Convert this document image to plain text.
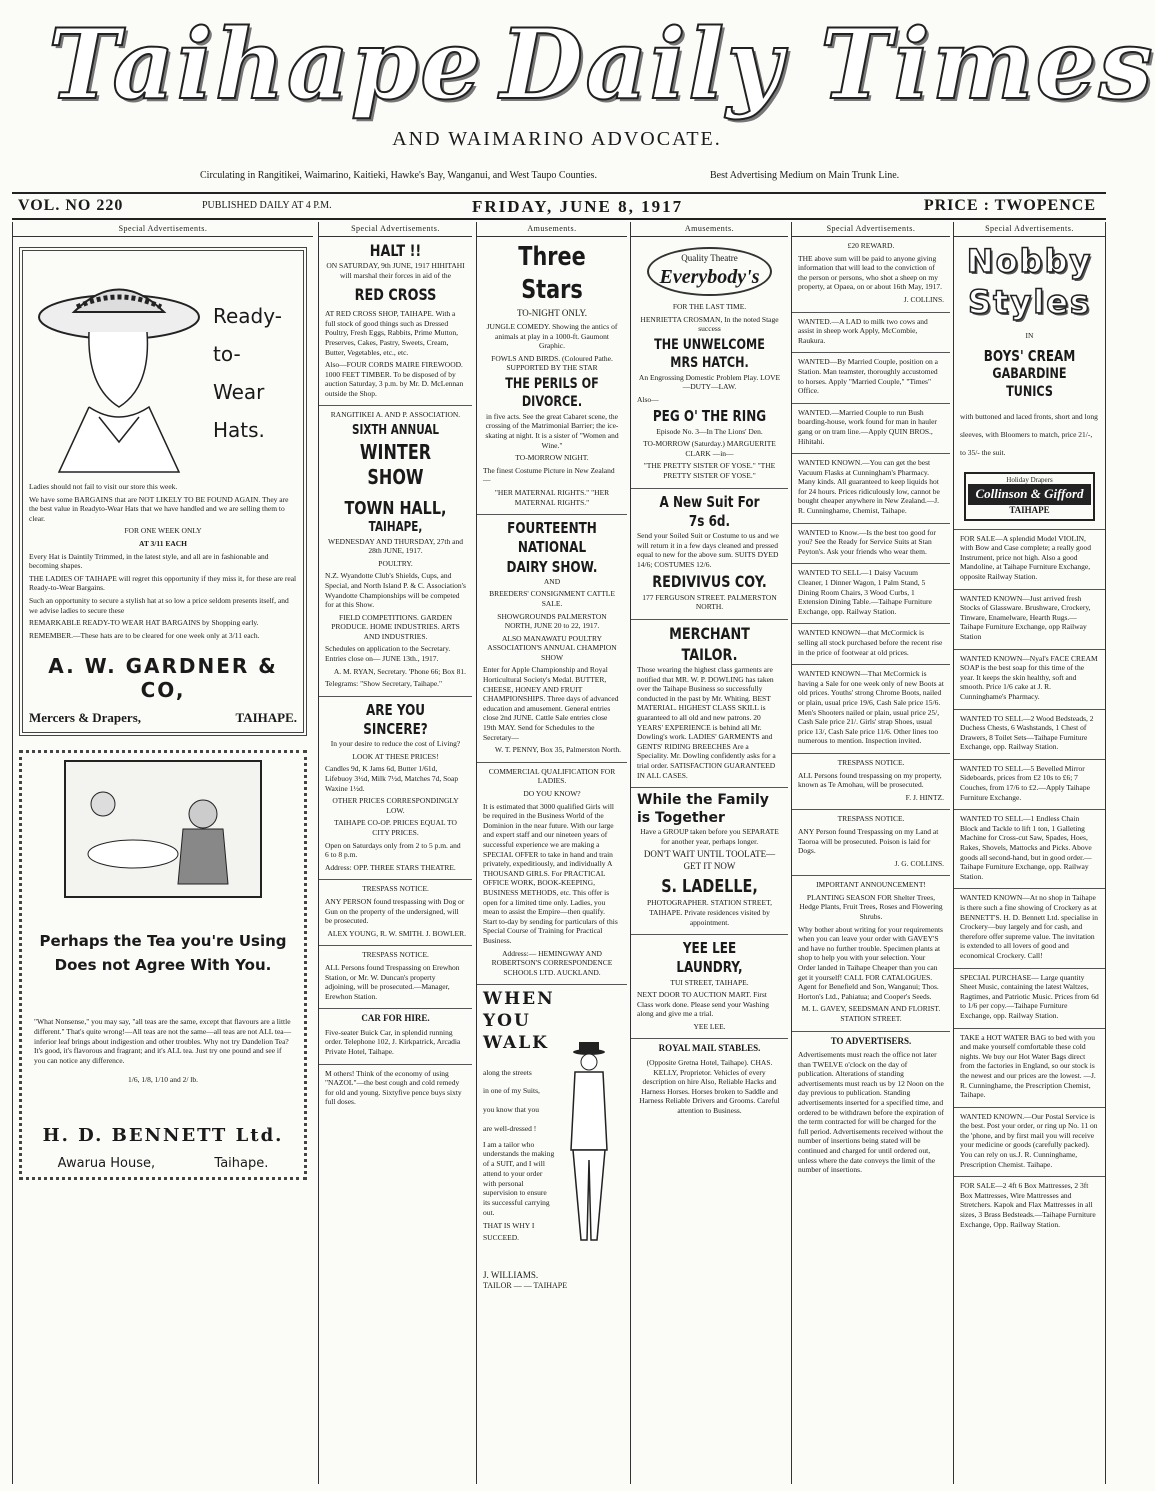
Taihape Daily Times
AND WAIMARINO ADVOCATE.
Circulating in Rangitikei, Waimarino, Kaitieki, Hawke's Bay, Wanganui, and West Taupo Counties.	Best Advertising Medium on Main Trunk Line.
VOL. NO 220	PUBLISHED DAILY AT 4 P.M.	FRIDAY, JUNE 8, 1917	PRICE : TWOPENCE
Special Advertisements.
Ready-
to-
Wear
Hats.

Ladies should not fail to visit our store this week.

We have some BARGAINS that are NOT LIKELY TO BE FOUND AGAIN. They are the best value in Readyto-Wear Hats that we have handled and we are selling them to clear.

FOR ONE WEEK ONLY

AT 3/11 EACH

Every Hat is Daintily Trimmed, in the latest style, and all are in fashionable and becoming shapes.

THE LADIES OF TAIHAPE will regret this opportunity if they miss it, for these are real Ready-to-Wear Bargains.

Such an opportunity to secure a stylish hat at so low a price seldom presents itself, and we advise ladies to secure these

REMARKABLE READY-TO WEAR HAT BARGAINS by Shopping early.

REMEMBER.—These hats are to be cleared for one week only at 3/11 each.

A. W. GARDNER & CO,
Mercers & Drapers,	TAIHAPE.
Perhaps the Tea you're Using Does not Agree With You.
"What Nonsense," you may say, "all teas are the same, except that flavours are a little different." That's quite wrong!—All teas are not the same—all teas are not ALL tea—inferior leaf brings about indigestion and other troubles. Why not try Dandelion Tea? It's good, it's flavorous and fragrant; and it's ALL tea. Just try one pound and see if you can notice any difference.
1/6, 1/8, 1/10 and 2/ lb.
H. D. BENNETT Ltd.
Awarua House,	Taihape.
Special Advertisements.
HALT !!

ON SATURDAY, 9th JUNE, 1917 HIHITAHI will marshal their forces in aid of the

RED CROSS

AT RED CROSS SHOP, TAIHAPE. With a full stock of good things such as Dressed Poultry, Fresh Eggs, Rabbits, Prime Mutton, Preserves, Cakes, Pastry, Sweets, Cream, Butter, Vegetables, etc., etc.

Also—FOUR CORDS MAIRE FIREWOOD. 1000 FEET TIMBER. To be disposed of by auction Saturday, 3 p.m. by Mr. D. McLennan outside the Shop.

RANGITIKEI A. AND P. ASSOCIATION.

SIXTH ANNUAL
WINTER SHOW
TOWN HALL,
TAIHAPE,

WEDNESDAY AND THURSDAY, 27th and 28th JUNE, 1917.

POULTRY.

N.Z. Wyandotte Club's Shields, Cups, and Special, and North Island P. & C. Association's Wyandotte Championships will be competed for at this Show.

FIELD COMPETITIONS. GARDEN PRODUCE. HOME INDUSTRIES. ARTS AND INDUSTRIES.

Schedules on application to the Secretary. Entries close on— JUNE 13th., 1917.

A. M. RYAN, Secretary. 'Phone 66; Box 81.

Telegrams: "Show Secretary, Taihape."

ARE YOU SINCERE?

In your desire to reduce the cost of Living?

LOOK AT THESE PRICES!

Candles 9d, K Jams 6d, Butter 1/61d, Lifebuoy 3½d, Milk 7½d, Matches 7d, Soap Waxine 1½d.

OTHER PRICES CORRESPONDINGLY LOW.

TAIHAPE CO-OP. PRICES EQUAL TO CITY PRICES.

Open on Saturdays only from 2 to 5 p.m. and 6 to 8 p.m.

Address: OPP. THREE STARS THEATRE.

TRESPASS NOTICE.

ANY PERSON found trespassing with Dog or Gun on the property of the undersigned, will be prosecuted.

ALEX YOUNG, R. W. SMITH. J. BOWLER.

TRESPASS NOTICE.

ALL Persons found Trespassing on Erewhon Station, or Mr. W. Duncan's property adjoining, will be prosecuted.—Manager, Erewhon Station.

CAR FOR HIRE.

Five-seater Buick Car, in splendid running order. Telephone 102, J. Kirkpatrick, Arcadia Private Hotel, Taihape.

M others! Think of the economy of using "NAZOL"—the best cough and cold remedy for old and young. Sixtyfive pence buys sixty full doses.

Amusements.
Three Stars

TO-NIGHT ONLY.

JUNGLE COMEDY. Showing the antics of animals at play in a 1000-ft. Gaumont Graphic.

FOWLS AND BIRDS. (Coloured Pathe. SUPPORTED BY THE STAR

THE PERILS OF DIVORCE.

in five acts. See the great Cabaret scene, the crossing of the Matrimonial Barrier; the ice-skating at night. It is a sister of "Women and Wine."

TO-MORROW NIGHT.

The finest Costume Picture in New Zealand—

"HER MATERNAL RIGHTS." "HER MATERNAL RIGHTS."

FOURTEENTH NATIONAL DAIRY SHOW.

AND

BREEDERS' CONSIGNMENT CATTLE SALE.

SHOWGROUNDS PALMERSTON NORTH, JUNE 20 to 22, 1917.

ALSO MANAWATU POULTRY ASSOCIATION'S ANNUAL CHAMPION SHOW

Enter for Apple Championship and Royal Horticultural Society's Medal. BUTTER, CHEESE, HONEY AND FRUIT CHAMPIONSHIPS. Three days of advanced education and amusement. General entries close 2nd JUNE. Cattle Sale entries close 19th MAY. Send for Schedules to the Secretary—

W. T. PENNY, Box 35, Palmerston North.

COMMERCIAL QUALIFICATION FOR LADIES.

DO YOU KNOW?

It is estimated that 3000 qualified Girls will be required in the Business World of the Dominion in the near future. With our large and expert staff and our nineteen years of successful experience we are making a SPECIAL OFFER to take in hand and train privately, expeditiously, and individually A THOUSAND GIRLS. For PRACTICAL OFFICE WORK, BOOK-KEEPING, BUSINESS METHODS, etc. This offer is open for a limited time only. Ladies, you mean to assist the Empire—then qualify. Start to-day by sending for particulars of this Special Course of Training for Practical Business.

Address:— HEMINGWAY AND ROBERTSON'S CORRESPONDENCE SCHOOLS LTD. AUCKLAND.

WHEN YOU WALK

along the streets

in one of my Suits,

you know that you

are well-dressed !

I am a tailor who understands the making of a SUIT, and I will attend to your order with personal supervision to ensure its successful carrying out.

THAT IS WHY I

SUCCEED.

J. WILLIAMS.
TAILOR — — TAIHAPE
Amusements.
Quality Theatre
Everybody's

FOR THE LAST TIME.

HENRIETTA CROSMAN, In the noted Stage success

THE UNWELCOME MRS HATCH.

An Engrossing Domestic Problem Play. LOVE—DUTY—LAW.

Also—

PEG O' THE RING

Episode No. 3—In The Lions' Den.

TO-MORROW (Saturday.) MARGUERITE CLARK —in—

"THE PRETTY SISTER OF YOSE." "THE PRETTY SISTER OF YOSE."

A New Suit For 7s 6d.

Send your Soiled Suit or Costume to us and we will return it in a few days cleaned and pressed equal to new for the above sum. SUITS DYED 14/6; COSTUMES 12/6.

REDIVIVUS COY.

177 FERGUSON STREET. PALMERSTON NORTH.

MERCHANT TAILOR.

Those wearing the highest class garments are notified that MR. W. P. DOWLING has taken over the Taihape Business so successfully conducted in the past by Mr. Whiting. BEST MATERIAL. HIGHEST CLASS SKILL is guaranteed to all old and new patrons. 20 YEARS' EXPERIENCE is behind all Mr. Dowling's work. LADIES' GARMENTS and GENTS' RIDING BREECHES Are a Speciality. Mr. Dowling confidently asks for a trial order. SATISFACTION GUARANTEED IN ALL CASES.

While the Family is Together

Have a GROUP taken before you SEPARATE for another year, perhaps longer.

DON'T WAIT UNTIL TOOLATE— GET IT NOW

S. LADELLE,

PHOTOGRAPHER. STATION STREET, TAIHAPE. Private residences visited by appointment.

YEE LEE LAUNDRY,

TUI STREET, TAIHAPE.

NEXT DOOR TO AUCTION MART. First Class work done. Please send your Washing along and give me a trial.

YEE LEE.

ROYAL MAIL STABLES.

(Opposite Gretna Hotel, Taihape). CHAS. KELLY, Proprietor. Vehicles of every description on hire Also, Reliable Hacks and Harness Horses. Horses broken to Saddle and Harness Reliable Drivers and Grooms. Careful attention to Business.

Special Advertisements.

£20 REWARD.

THE above sum will be paid to anyone giving information that will lead to the conviction of the person or persons, who shot a sheep on my property, at Opaea, on or about 16th May, 1917.

J. COLLINS.

WANTED.—A LAD to milk two cows and assist in sheep work Apply, McCombie, Raukura.

WANTED—By Married Couple, position on a Station. Man teamster, thoroughly accustomed to horses. Apply "Married Couple," "Times" Office.

WANTED.—Married Couple to run Bush boarding-house, work found for man in hauler gang or on tram line.—Apply QUIN BROS., Hihitahi.

WANTED KNOWN.—You can get the best Vacuum Flasks at Cunningham's Pharmacy. Many kinds. All guaranteed to keep liquids hot for 24 hours. Prices ridiculously low, cannot be bought cheaper anywhere in New Zealand.—J. R. Cunninghame, Chemist, Taihape.

WANTED to Know.—Is the best too good for you? See the Ready for Service Suits at Stan Peyton's. Ask your friends who wear them.

WANTED TO SELL—1 Daisy Vacuum Cleaner, 1 Dinner Wagon, 1 Palm Stand, 5 Dining Room Chairs, 3 Wood Curbs, 1 Extension Dining Table.—Taihape Furniture Exchange, opp. Railway Station.

WANTED KNOWN—that McCormick is selling all stock purchased before the recent rise in the price of footwear at old prices.

WANTED KNOWN—That McCormick is having a Sale for one week only of new Boots at old prices. Youths' strong Chrome Boots, nailed or plain, usual price 19/6, Cash Sale price 15/6. Men's Shooters nailed or plain, usual price 25/, Cash Sale price 21/. Girls' strap Shoes, usual price 13/, Cash Sale price 11/6. Other lines too numerous to mention. Inspection invited.

TRESPASS NOTICE.

ALL Persons found trespassing on my property, known as Te Amohau, will be prosecuted.

F. J. HINTZ.

TRESPASS NOTICE.

ANY Person found Trespassing on my Land at Taoroa will be prosecuted. Poison is laid for Dogs.

J. G. COLLINS.

IMPORTANT ANNOUNCEMENT!

PLANTING SEASON FOR Shelter Trees, Hedge Plants, Fruit Trees, Roses and Flowering Shrubs.

Why bother about writing for your requirements when you can leave your order with GAVEY'S and have no further trouble. Specimen plants at shop to help you with your selection. Your Order landed in Taihape Cheaper than you can get it yourself! CALL FOR CATALOGUES. Agent for Benefield and Son, Wanganui; Thos. Horton's Ltd., Pahiatua; and Cooper's Seeds.

M. L. GAVEY, SEEDSMAN AND FLORIST. STATION STREET.

TO ADVERTISERS.

Advertisements must reach the office not later than TWELVE o'clock on the day of publication. Alterations of standing advertisements must reach us by 12 Noon on the day previous to publication. Standing advertisements inserted for a specified time, and ordered to be withdrawn before the expiration of the term contracted for will be charged for the full period. Advertisements received without the number of insertions being stated will be continued and charged for until ordered out, unless where the date conveys the limit of the number of insertions.

Special Advertisements.
Nobby
Styles

IN

BOYS' CREAM
GABARDINE TUNICS

with buttoned and laced fronts, short and long sleeves, with Bloomers to match, price 21/-, to 35/- the suit.

Holiday Drapers
Collinson & Gifford
TAIHAPE

FOR SALE—A splendid Model VIOLIN, with Bow and Case complete; a really good Instrument, price not high. Also a good Mandoline, at Taihape Furniture Exchange, opposite Railway Station.

WANTED KNOWN—Just arrived fresh Stocks of Glassware. Brushware, Crockery, Tinware, Enamelware, Hearth Rugs.—Taihape Furniture Exchange, opp Railway Station

WANTED KNOWN—Nyal's FACE CREAM SOAP is the best soap for this time of the year. It keeps the skin healthy, soft and smooth. Price 1/6 cake at J. R. Cunninghame's Pharmacy.

WANTED TO SELL—2 Wood Bedsteads, 2 Duchess Chests, 6 Washstands, 1 Chest of Drawers, 8 Toilet Sets—Taihape Furniture Exchange, opp. Railway Station.

WANTED TO SELL—5 Bevelled Mirror Sideboards, prices from £2 10s to £6; 7 Couches, from 17/6 to £2.—Apply Taihape Furniture Exchange.

WANTED TO SELL—1 Endless Chain Block and Tackle to lift 1 ton, 1 Galleting Machine for Cross-cut Saw, Spades, Hoes, Rakes, Shovels, Mattocks and Picks. Above goods all second-hand, but in good order.—Taihape Furniture Exchange, opp. Railway Station.

WANTED KNOWN—At no shop in Taihape is there such a fine showing of Crockery as at BENNETT'S. H. D. Bennett Ltd. specialise in Crockery—buy largely and for cash, and therefore offer supreme value. The invitation is extended to all lovers of good and economical Crockery. Call!

SPECIAL PURCHASE— Large quantity Sheet Music, containing the latest Waltzes, Ragtimes, and Patriotic Music. Prices from 6d to 1/6 per copy.—Taihape Furniture Exchange, opp. Railway Station.

TAKE a HOT WATER BAG to bed with you and make yourself comfortable these cold nights. We buy our Hot Water Bags direct from the factories in England, so our stock is the newest and our prices are the lowest. —J. R. Cunninghame, the Prescription Chemist, Taihape.

WANTED KNOWN.—Our Postal Service is the best. Post your order, or ring up No. 11 on the 'phone, and by first mail you will receive your medicine or goods (carefully packed). You can rely on us.J. R. Cunninghame, Prescription Chemist. Taihape.

FOR SALE—2 4ft 6 Box Mattresses, 2 3ft Box Mattresses, Wire Mattresses and Stretchers. Kapok and Flax Mattresses in all sizes, 3 Brass Bedsteads.—Taihape Furniture Exchange, Opp. Railway Station.
